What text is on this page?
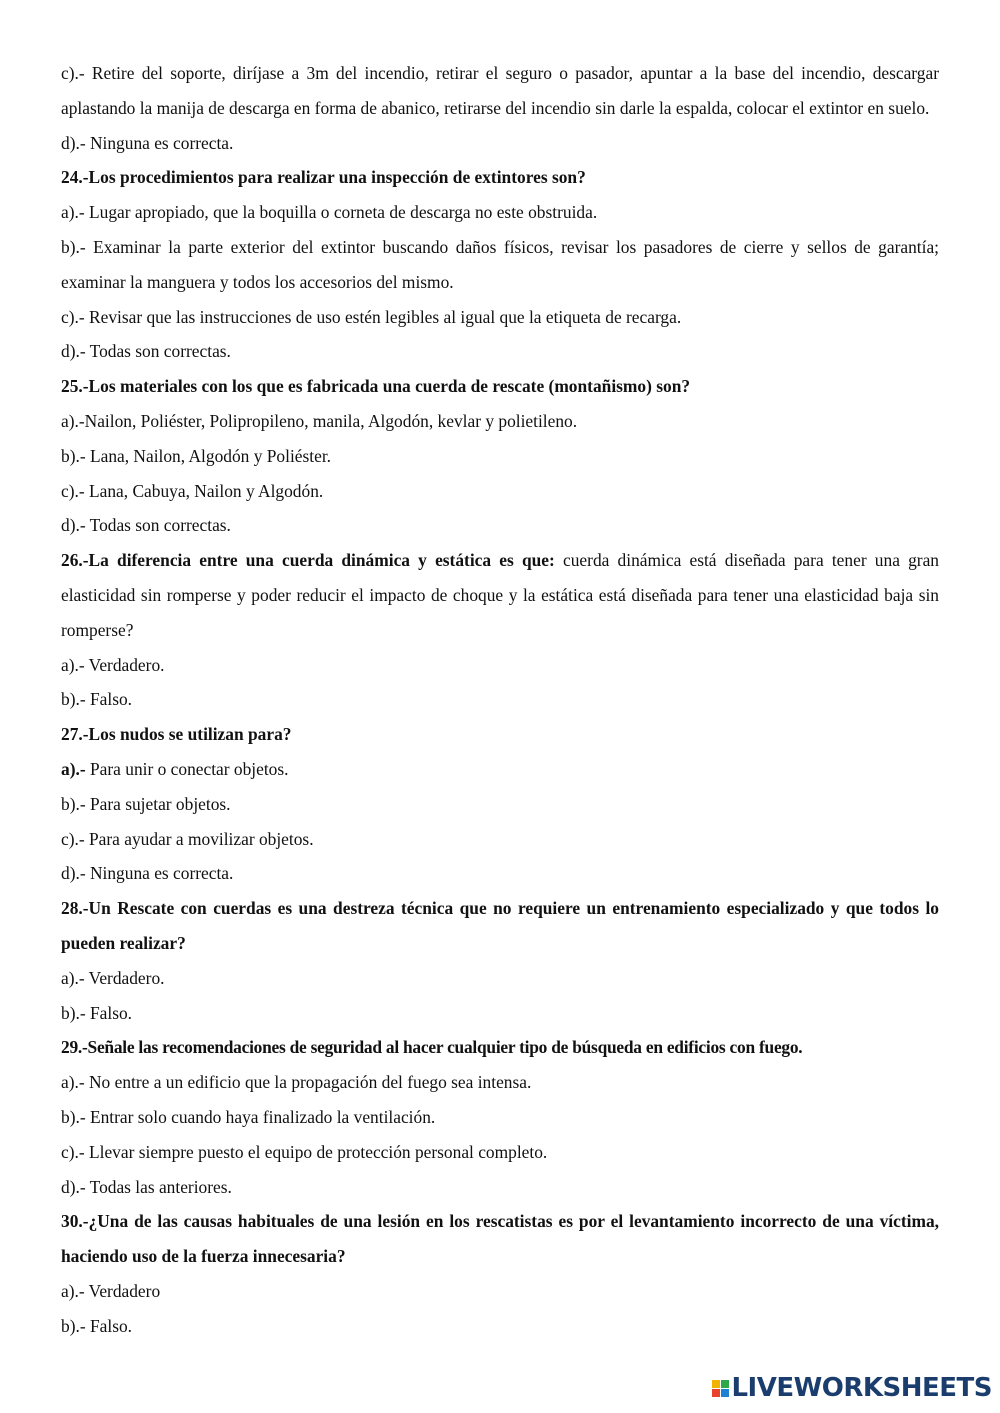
c).- Retire del soporte, diríjase a 3m del incendio, retirar el seguro o pasador, apuntar a la base del incendio, descargar aplastando la manija de descarga en forma de abanico, retirarse del incendio sin darle la espalda, colocar el extintor en suelo.

d).- Ninguna es correcta.

24.-Los procedimientos para realizar una inspección de extintores son?

a).- Lugar apropiado, que la boquilla o corneta de descarga no este obstruida.

b).- Examinar la parte exterior del extintor buscando daños físicos, revisar los pasadores de cierre y sellos de garantía; examinar la manguera y todos los accesorios del mismo.

c).- Revisar que las instrucciones de uso estén legibles al igual que la etiqueta de recarga.

d).- Todas son correctas.

25.-Los materiales con los que es fabricada una cuerda de rescate (montañismo) son?

a).-Nailon, Poliéster, Polipropileno, manila, Algodón, kevlar y polietileno.

b).- Lana, Nailon, Algodón y Poliéster.

c).- Lana, Cabuya, Nailon y Algodón.

d).- Todas son correctas.

26.-La diferencia entre una cuerda dinámica y estática es que: cuerda dinámica está diseñada para tener una gran elasticidad sin romperse y poder reducir el impacto de choque y la estática está diseñada para tener una elasticidad baja sin romperse?

a).- Verdadero.

b).- Falso.

27.-Los nudos se utilizan para?

a).- Para unir o conectar objetos.

b).- Para sujetar objetos.

c).- Para ayudar a movilizar objetos.

d).- Ninguna es correcta.

28.-Un Rescate con cuerdas es una destreza técnica que no requiere un entrenamiento especializado y que todos lo pueden realizar?

a).- Verdadero.

b).- Falso.

29.-Señale las recomendaciones de seguridad al hacer cualquier tipo de búsqueda en edificios con fuego.

a).- No entre a un edificio que la propagación del fuego sea intensa.

b).- Entrar solo cuando haya finalizado la ventilación.

c).- Llevar siempre puesto el equipo de protección personal completo.

d).- Todas las anteriores.

30.-¿Una de las causas habituales de una lesión en los rescatistas es por el levantamiento incorrecto de una víctima, haciendo uso de la fuerza innecesaria?

a).- Verdadero

b).- Falso.

LIVEWORKSHEETS
